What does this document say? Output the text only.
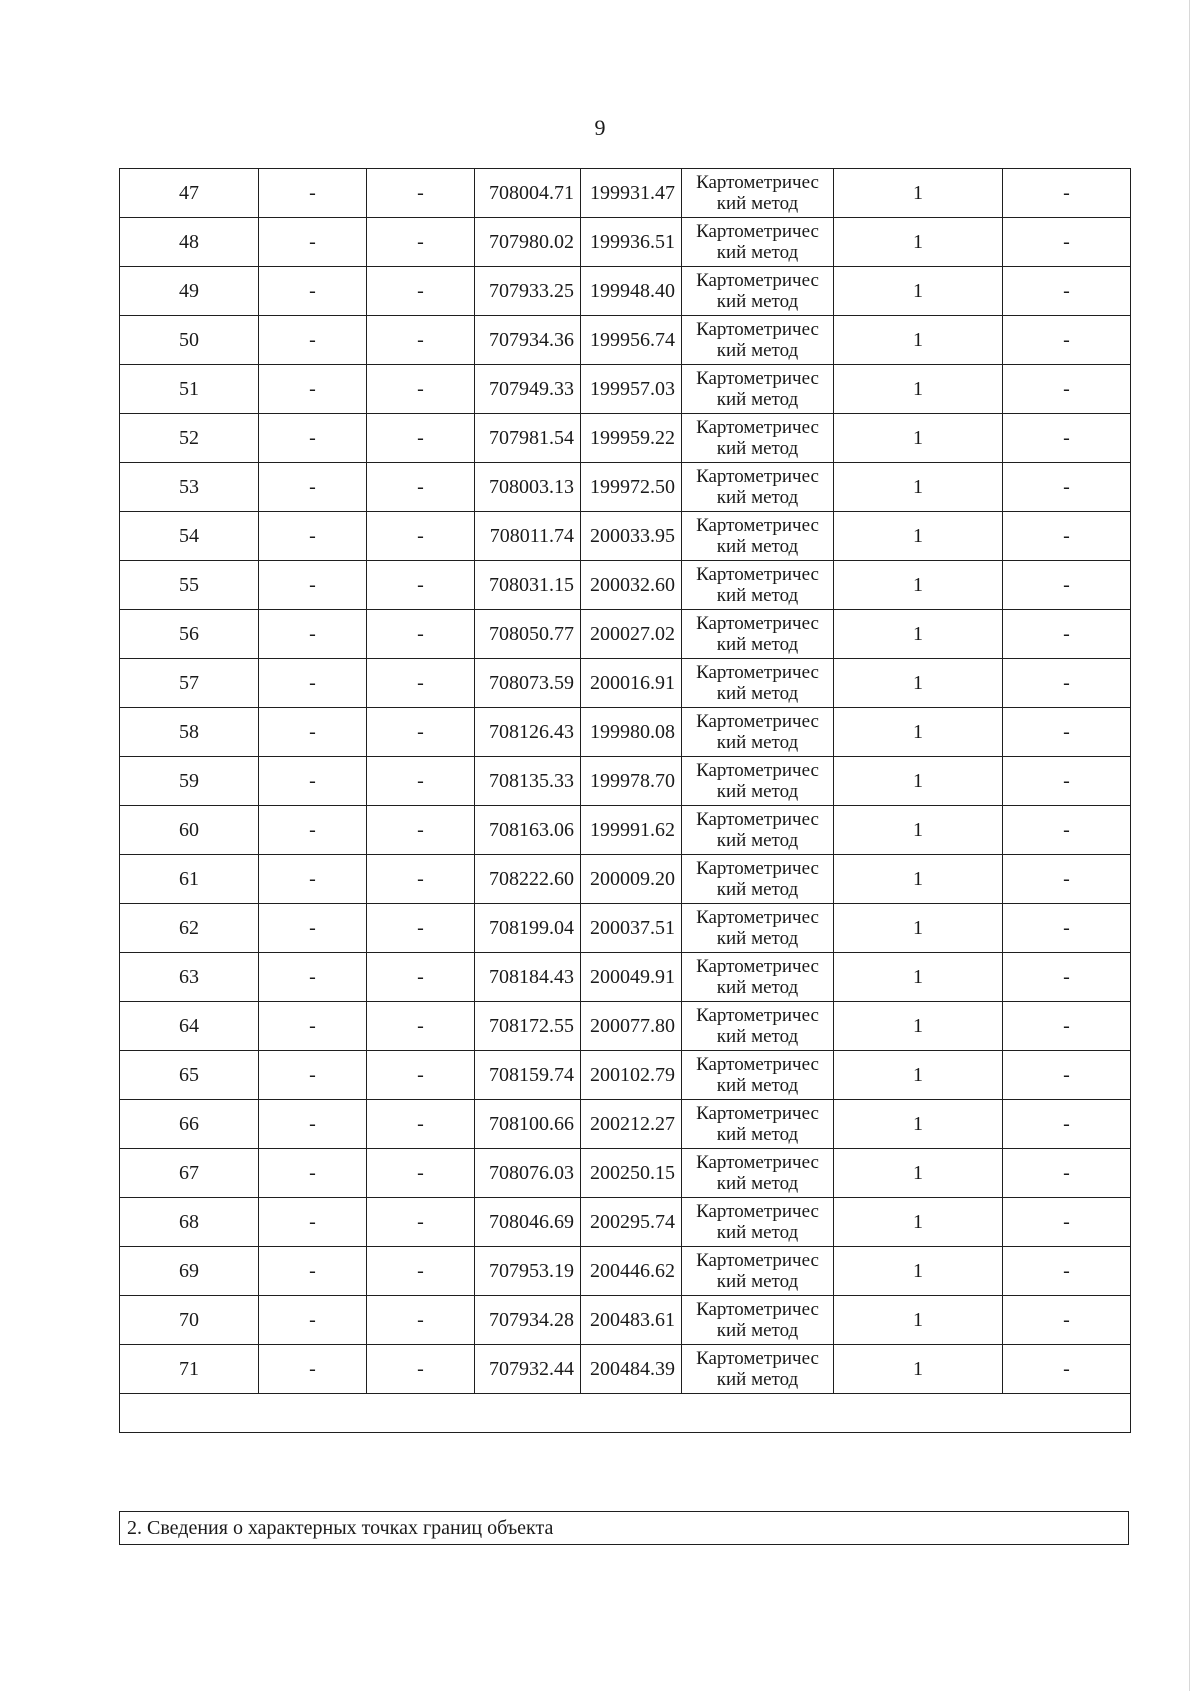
9
47	-	-	708004.71	199931.47	Картометричес кий метод	1	-
48	-	-	707980.02	199936.51	Картометричес кий метод	1	-
49	-	-	707933.25	199948.40	Картометричес кий метод	1	-
50	-	-	707934.36	199956.74	Картометричес кий метод	1	-
51	-	-	707949.33	199957.03	Картометричес кий метод	1	-
52	-	-	707981.54	199959.22	Картометричес кий метод	1	-
53	-	-	708003.13	199972.50	Картометричес кий метод	1	-
54	-	-	708011.74	200033.95	Картометричес кий метод	1	-
55	-	-	708031.15	200032.60	Картометричес кий метод	1	-
56	-	-	708050.77	200027.02	Картометричес кий метод	1	-
57	-	-	708073.59	200016.91	Картометричес кий метод	1	-
58	-	-	708126.43	199980.08	Картометричес кий метод	1	-
59	-	-	708135.33	199978.70	Картометричес кий метод	1	-
60	-	-	708163.06	199991.62	Картометричес кий метод	1	-
61	-	-	708222.60	200009.20	Картометричес кий метод	1	-
62	-	-	708199.04	200037.51	Картометричес кий метод	1	-
63	-	-	708184.43	200049.91	Картометричес кий метод	1	-
64	-	-	708172.55	200077.80	Картометричес кий метод	1	-
65	-	-	708159.74	200102.79	Картометричес кий метод	1	-
66	-	-	708100.66	200212.27	Картометричес кий метод	1	-
67	-	-	708076.03	200250.15	Картометричес кий метод	1	-
68	-	-	708046.69	200295.74	Картометричес кий метод	1	-
69	-	-	707953.19	200446.62	Картометричес кий метод	1	-
70	-	-	707934.28	200483.61	Картометричес кий метод	1	-
71	-	-	707932.44	200484.39	Картометричес кий метод	1	-

2. Сведения о характерных точках границ объекта
